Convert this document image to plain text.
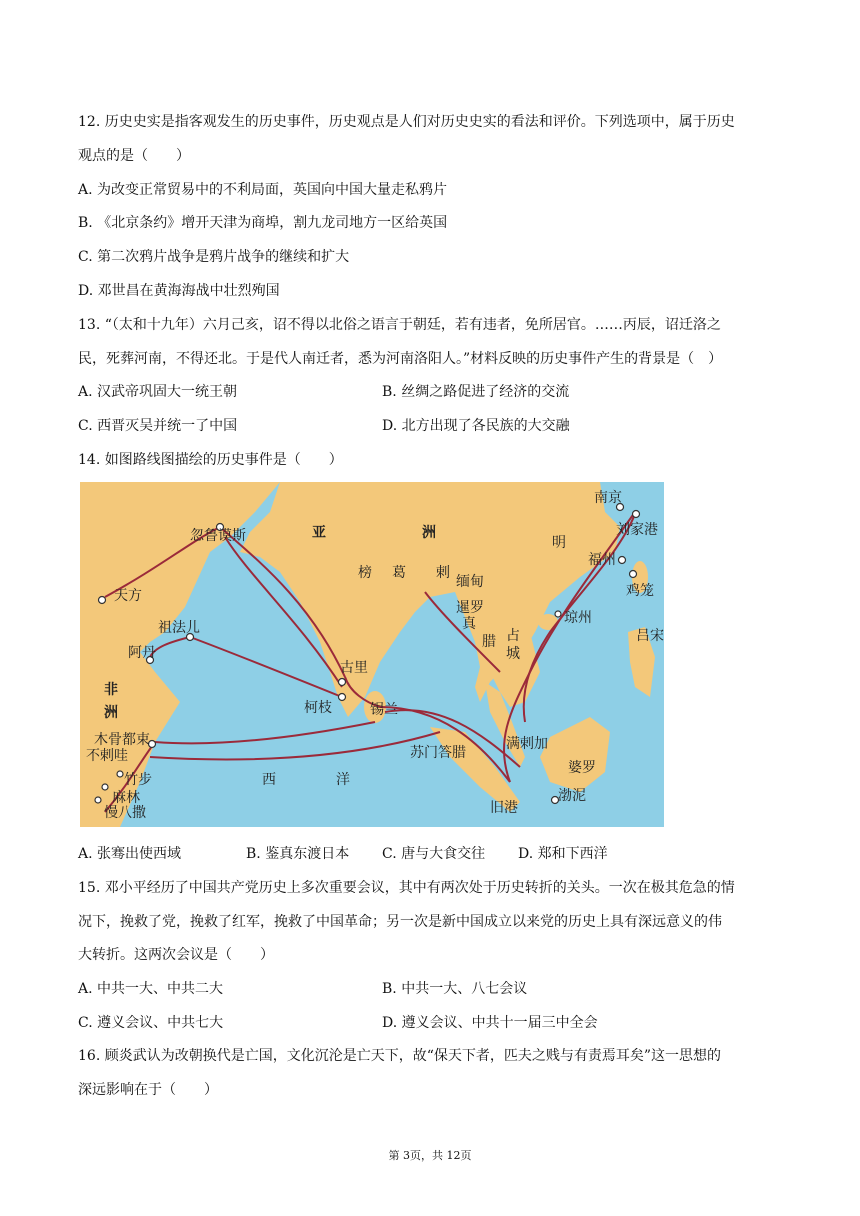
12. 历史史实是指客观发生的历史事件，历史观点是人们对历史史实的看法和评价。下列选项中，属于历史
观点的是（　　）
A. 为改变正常贸易中的不利局面，英国向中国大量走私鸦片
B. 《北京条约》增开天津为商埠，割九龙司地方一区给英国
C. 第二次鸦片战争是鸦片战争的继续和扩大
D. 邓世昌在黄海海战中壮烈殉国
13. “（太和十九年）六月己亥，诏不得以北俗之语言于朝廷，若有违者，免所居官。……丙辰，诏迁洛之
民，死葬河南，不得还北。于是代人南迁者，悉为河南洛阳人。”材料反映的历史事件产生的背景是（　）
A. 汉武帝巩固大一统王朝	B. 丝绸之路促进了经济的交流
C. 西晋灭吴并统一了中国	D. 北方出现了各民族的大交融
14. 如图路线图描绘的历史事件是（　　）
南京
刘家港
明
福州
鸡笼
琼州
吕宋
亚	洲
忽鲁谟斯
榜 葛 剌
缅甸
暹罗
真
腊 占
城
天方
祖法儿
阿丹
古里
柯枝	锡兰
满剌加
非
洲
木骨都束
不剌哇
竹步
麻林
慢八撒
苏门答腊
婆罗
渤泥
旧港
西	洋
A. 张骞出使西域	B. 鉴真东渡日本 C. 唐与大食交往 D. 郑和下西洋
15. 邓小平经历了中国共产党历史上多次重要会议，其中有两次处于历史转折的关头。一次在极其危急的情
况下，挽救了党，挽救了红军，挽救了中国革命；另一次是新中国成立以来党的历史上具有深远意义的伟
大转折。这两次会议是（　　）
A. 中共一大、中共二大	B. 中共一大、八七会议
C. 遵义会议、中共七大	D. 遵义会议、中共十一届三中全会
16. 顾炎武认为改朝换代是亡国，文化沉沦是亡天下，故“保天下者，匹夫之贱与有责焉耳矣”这一思想的
深远影响在于（　　）
第 3页，共 12页
